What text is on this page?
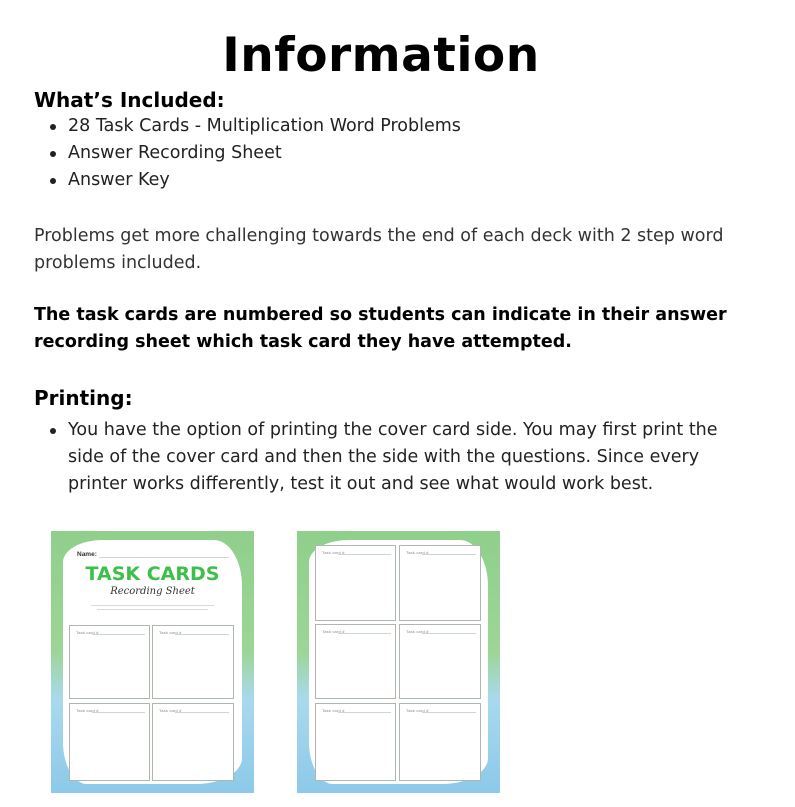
Information
What’s Included:
28 Task Cards - Multiplication Word Problems
Answer Recording Sheet
Answer Key
Problems get more challenging towards the end of each deck with 2 step word
problems included.
The task cards are numbered so students can indicate in their answer
recording sheet which task card they have attempted.
Printing:
You have the option of printing the cover card side. You may first print the
side of the cover card and then the side with the questions. Since every
printer works differently, test it out and see what would work best.
Name:
TASK CARDS
Recording Sheet
Task card #	Task card #
Task card #	Task card #
Task card #	Task card #
Task card #	Task card #
Task card #	Task card #
